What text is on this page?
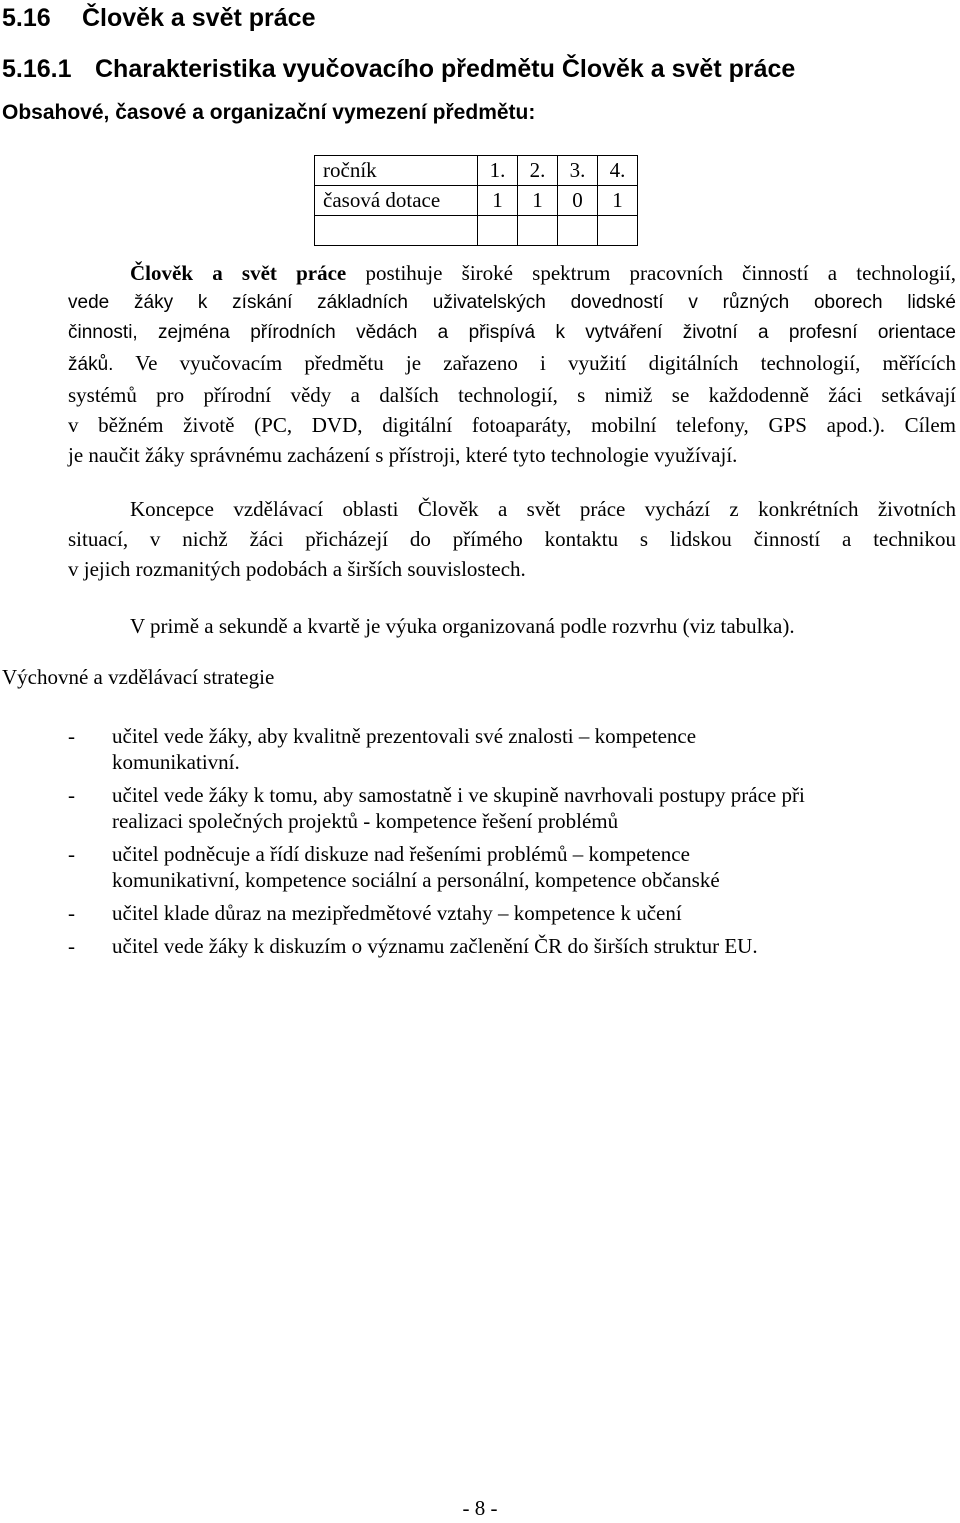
5.16 Člověk a svět práce
5.16.1 Charakteristika vyučovacího předmětu Člověk a svět práce
Obsahové, časové a organizační vymezení předmětu:
ročník	1.	2.	3.	4.
časová dotace	1	1	0	1

Člověk a svět práce postihuje široké spektrum pracovních činností a technologií,
vede žáky k získání základních uživatelských dovedností v různých oborech lidské
činnosti, zejména přírodních vědách a přispívá k vytváření životní a profesní orientace
žáků. Ve vyučovacím předmětu je zařazeno i využití digitálních technologií, měřících
systémů pro přírodní vědy a dalších technologií, s nimiž se každodenně žáci setkávají
v běžném životě (PC, DVD, digitální fotoaparáty, mobilní telefony, GPS apod.). Cílem
je naučit žáky správnému zacházení s přístroji, které tyto technologie využívají.
Koncepce vzdělávací oblasti Člověk a svět práce vychází z konkrétních životních
situací, v nichž žáci přicházejí do přímého kontaktu s lidskou činností a technikou
v jejich rozmanitých podobách a širších souvislostech.
V primě a sekundě a kvartě je výuka organizovaná podle rozvrhu (viz tabulka).
Výchovné a vzdělávací strategie
- učitel vede žáky, aby kvalitně prezentovali své znalosti – kompetence
komunikativní.
- učitel vede žáky k tomu, aby samostatně i ve skupině navrhovali postupy práce při
realizaci společných projektů - kompetence řešení problémů
- učitel podněcuje a řídí diskuze nad řešeními problémů – kompetence
komunikativní, kompetence sociální a personální, kompetence občanské
- učitel klade důraz na mezipředmětové vztahy – kompetence k učení
- učitel vede žáky k diskuzím o významu začlenění ČR do širších struktur EU.
- 8 -
